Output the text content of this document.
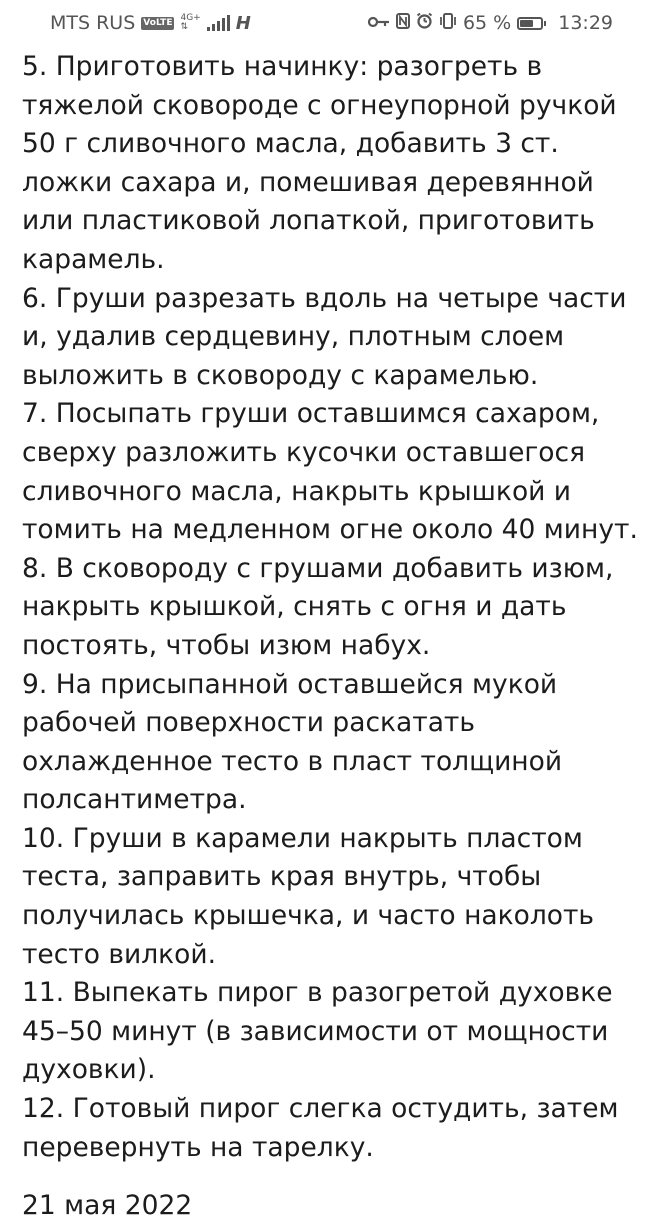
MTS RUS VoLTE 4G+
⇅	H	65 % 13:29
5. Приготовить начинку: разогреть в
тяжелой сковороде с огнеупорной ручкой
50 г сливочного масла, добавить 3 ст.
ложки сахара и, помешивая деревянной
или пластиковой лопаткой, приготовить
карамель.
6. Груши разрезать вдоль на четыре части
и, удалив сердцевину, плотным слоем
выложить в сковороду с карамелью.
7. Посыпать груши оставшимся сахаром,
сверху разложить кусочки оставшегося
сливочного масла, накрыть крышкой и
томить на медленном огне около 40 минут.
8. В сковороду с грушами добавить изюм,
накрыть крышкой, снять с огня и дать
постоять, чтобы изюм набух.
9. На присыпанной оставшейся мукой
рабочей поверхности раскатать
охлажденное тесто в пласт толщиной
полсантиметра.
10. Груши в карамели накрыть пластом
теста, заправить края внутрь, чтобы
получилась крышечка, и часто наколоть
тесто вилкой.
11. Выпекать пирог в разогретой духовке
45–50 минут (в зависимости от мощности
духовки).
12. Готовый пирог слегка остудить, затем
перевернуть на тарелку.
21 мая 2022
